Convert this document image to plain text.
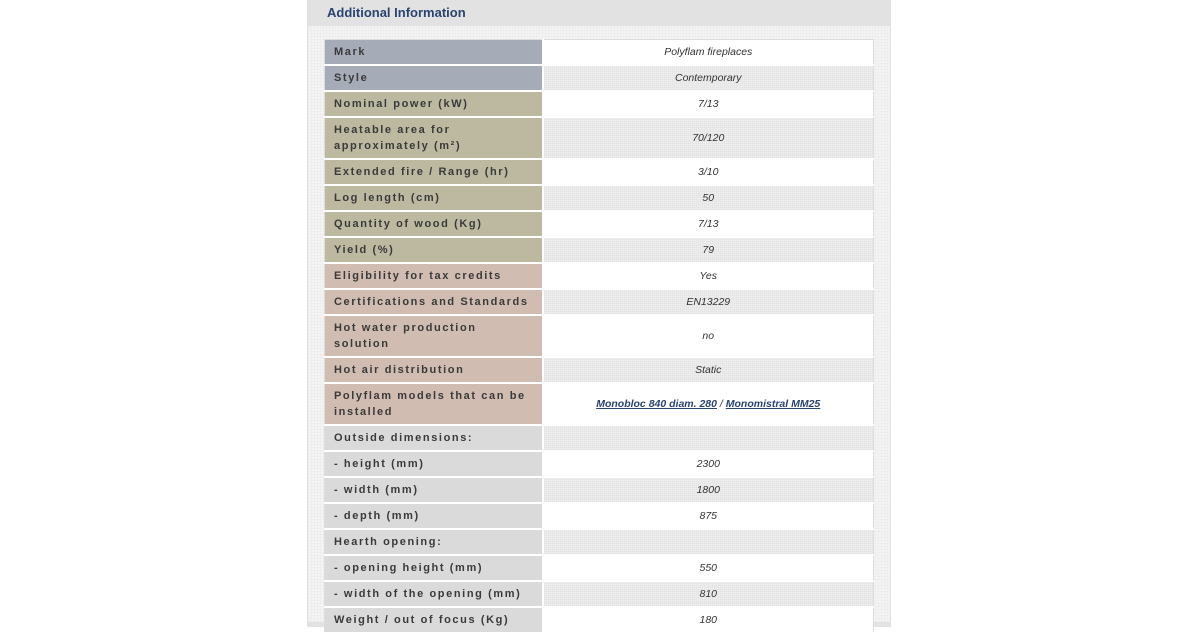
Additional Information
Mark	Polyflam fireplaces
Style	Contemporary
Nominal power (kW)	7/13
Heatable area for approximately (m²)	70/120
Extended fire / Range (hr)	3/10
Log length (cm)	50
Quantity of wood (Kg)	7/13
Yield (%)	79
Eligibility for tax credits	Yes
Certifications and Standards	EN13229
Hot water production solution	no
Hot air distribution	Static
Polyflam models that can be installed	Monobloc 840 diam. 280 / Monomistral MM25
Outside dimensions:	
- height (mm)	2300
- width (mm)	1800
- depth (mm)	875
Hearth opening:	
- opening height (mm)	550
- width of the opening (mm)	810
Weight / out of focus (Kg)	180
